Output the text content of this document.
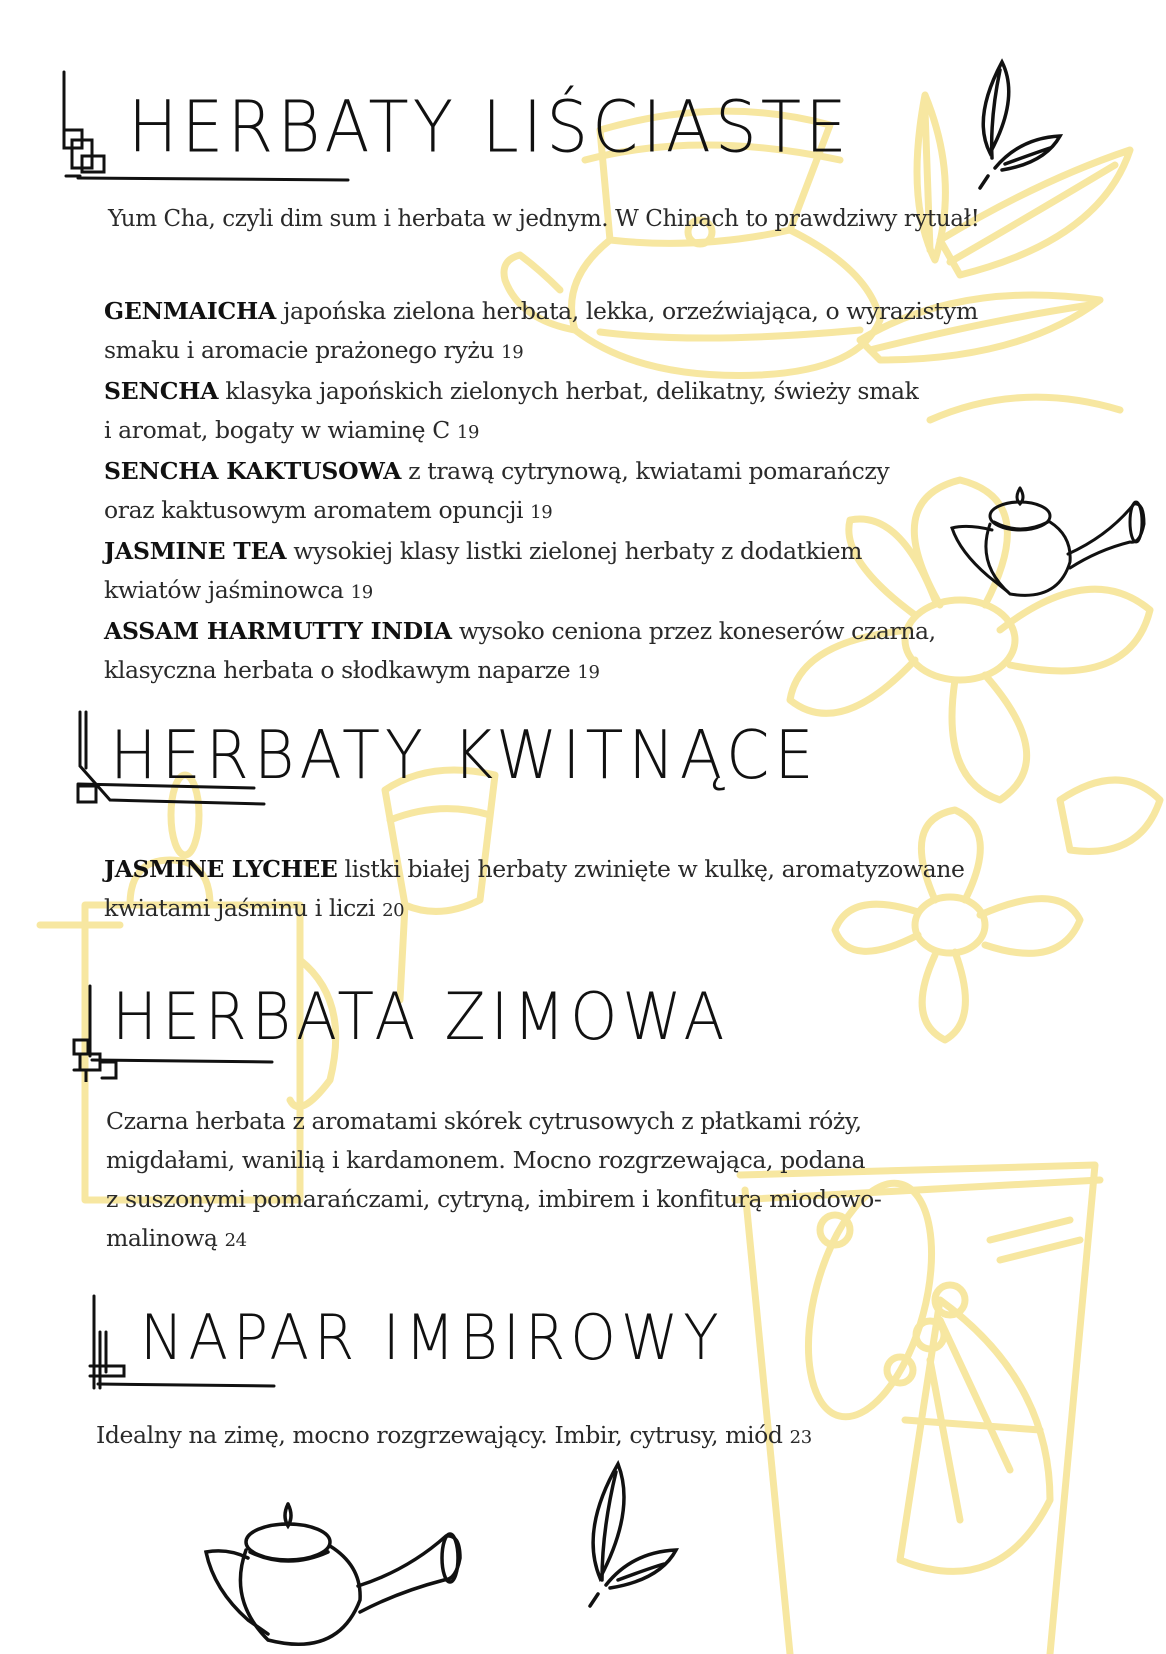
HERBATY LIŚCIASTE
Yum Cha, czyli dim sum i herbata w jednym. W Chinach to prawdziwy rytuał!
GENMAICHA japońska zielona herbata, lekka, orzeźwiająca, o wyrazistym
smaku i aromacie prażonego ryżu 19
SENCHA klasyka japońskich zielonych herbat, delikatny, świeży smak
i aromat, bogaty w wiaminę C 19
SENCHA KAKTUSOWA z trawą cytrynową, kwiatami pomarańczy
oraz kaktusowym aromatem opuncji 19
JASMINE TEA wysokiej klasy listki zielonej herbaty z dodatkiem
kwiatów jaśminowca 19
ASSAM HARMUTTY INDIA wysoko ceniona przez koneserów czarna,
klasyczna herbata o słodkawym naparze 19
HERBATY KWITNĄCE
JASMINE LYCHEE listki białej herbaty zwinięte w kulkę, aromatyzowane
kwiatami jaśminu i liczi 20
HERBATA ZIMOWA
Czarna herbata z aromatami skórek cytrusowych z płatkami róży,
migdałami, wanilią i kardamonem. Mocno rozgrzewająca, podana
z suszonymi pomarańczami, cytryną, imbirem i konfiturą miodowo-
malinową 24
NAPAR IMBIROWY
Idealny na zimę, mocno rozgrzewający. Imbir, cytrusy, miód 23
